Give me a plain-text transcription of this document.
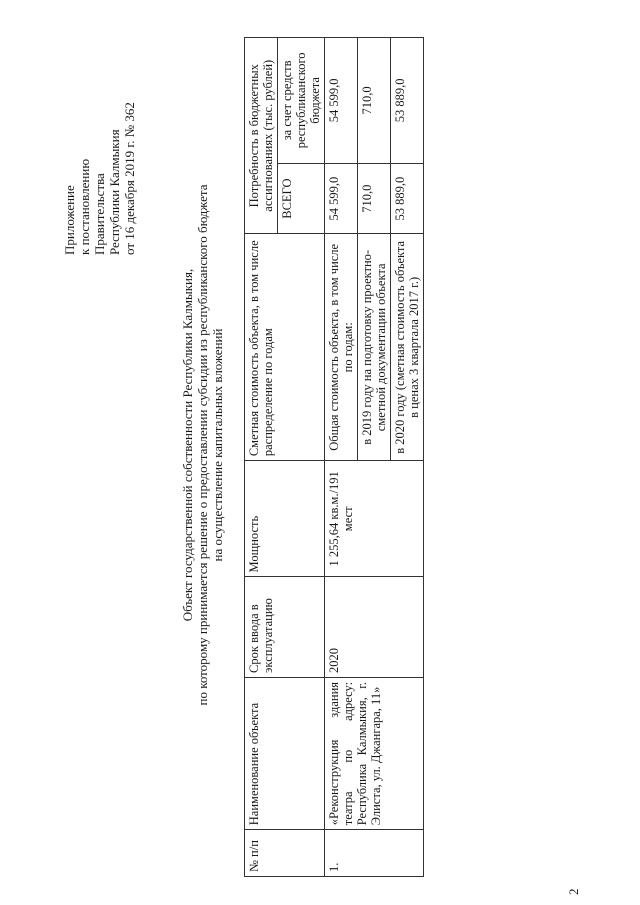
2
Приложение к постановлению Правительства Республики Калмыкия от 16 декабря 2019 г. № 362
Объект государственной собственности Республики Калмыкия, по которому принимается решение о предоставлении субсидии из республиканского бюджета на осуществление капитальных вложений
№ п/п	Наименование объекта	Срок ввода в эксплуатацию	Мощность	Сметная стоимость объекта, в том числе распределение по годам	Потребность в бюджетных ассигнованиях (тыс. рублей)	
					ВСЕГО	за счет средств республиканского бюджета
1.	«Реконструкция здания театра по адресу: Республика Калмыкия, г. Элиста, ул. Джангара, 11»	2020	1 255,64 кв.м./191 мест	Общая стоимость объекта, в том числе по годам:	54 599,0	54 599,0
				в 2019 году на подготовку проектно-сметной документации объекта	710,0	710,0
				в 2020 году (сметная стоимость объекта в ценах 3 квартала 2017 г.)	53 889,0	53 889,0
